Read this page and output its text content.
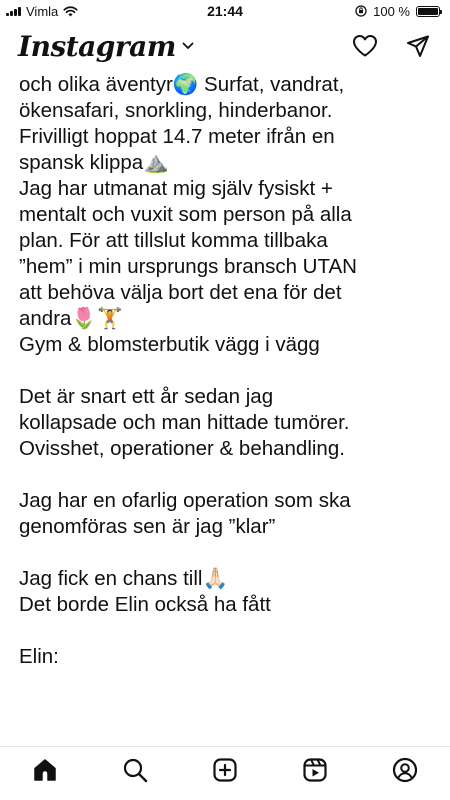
Vimla	21:44	100 %
Instagram
och olika äventyr🌍 Surfat, vandrat,
ökensafari, snorkling, hinderbanor.
Frivilligt hoppat 14.7 meter ifrån en
spansk klippa⛰️
Jag har utmanat mig själv fysiskt +
mentalt och vuxit som person på alla
plan. För att tillslut komma tillbaka
”hem” i min ursprungs bransch UTAN
att behöva välja bort det ena för det
andra🌷🏋️
Gym & blomsterbutik vägg i vägg
Det är snart ett år sedan jag
kollapsade och man hittade tumörer.
Ovisshet, operationer & behandling.
Jag har en ofarlig operation som ska
genomföras sen är jag ”klar”
Jag fick en chans till🙏🏻
Det borde Elin också ha fått
Elin:
